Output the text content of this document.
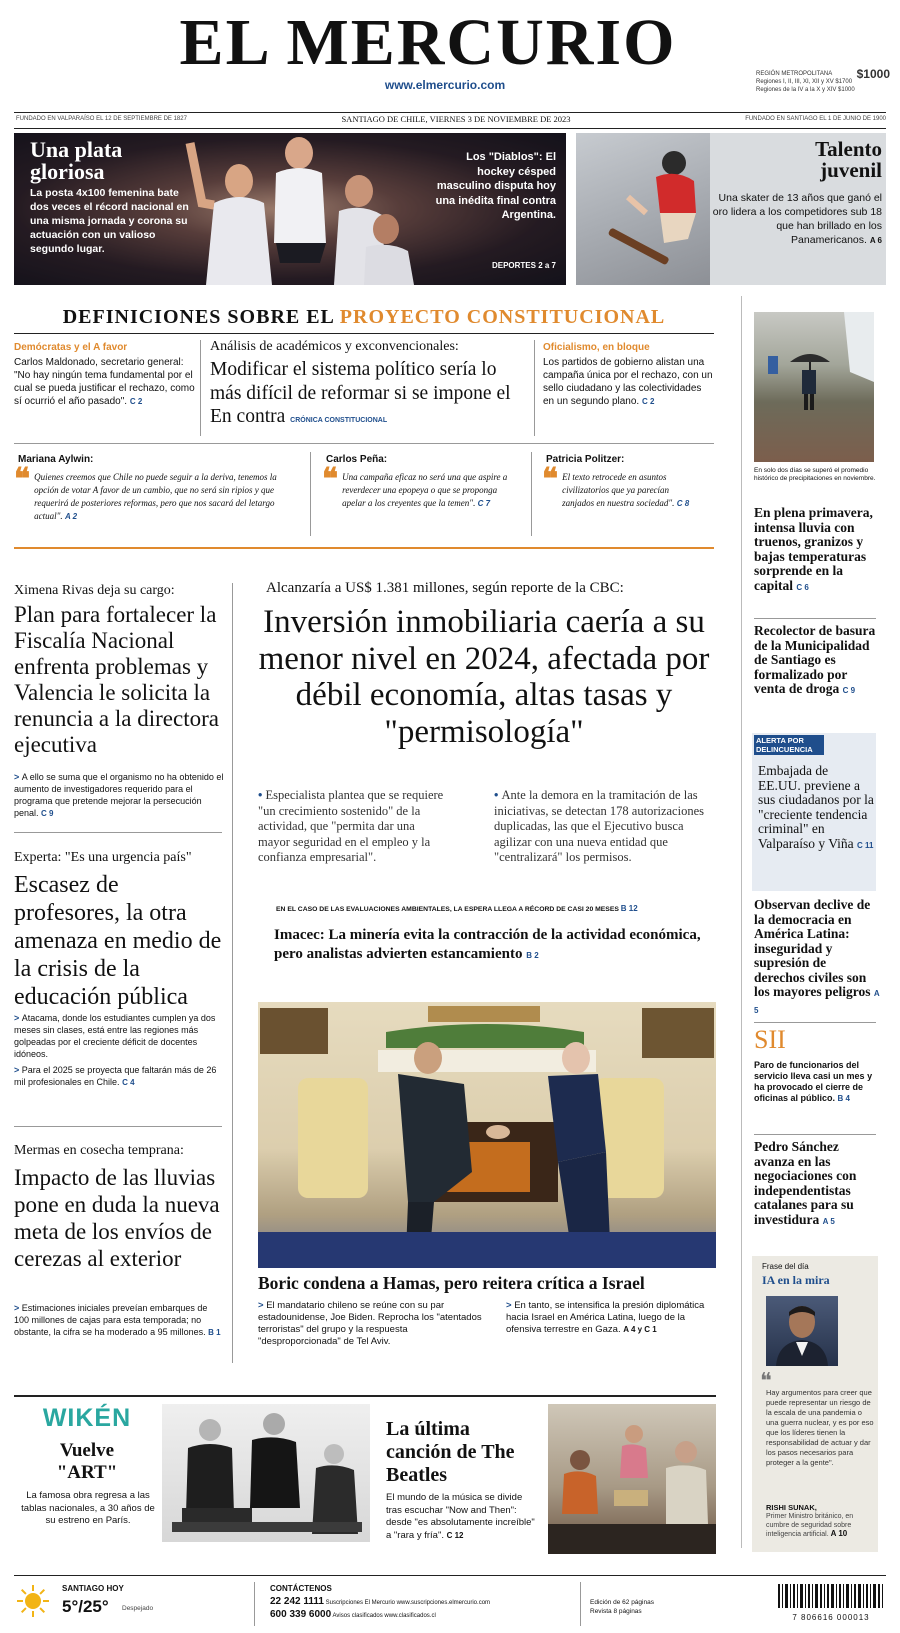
EL MERCURIO
www.elmercurio.com
REGIÓN METROPOLITANA $1000
Regiones I, II, III, XI, XII y XV $1700
Regiones de la IV a la X y XIV $1000
FUNDADO EN VALPARAÍSO EL 12 DE SEPTIEMBRE DE 1827	SANTIAGO DE CHILE, VIERNES 3 DE NOVIEMBRE DE 2023	FUNDADO EN SANTIAGO EL 1 DE JUNIO DE 1900
Una plata
gloriosa
La posta 4x100 femenina bate dos veces el récord nacional en una misma jornada y corona su actuación con un valioso segundo lugar.
Los "Diablos": El hockey césped masculino disputa hoy una inédita final contra Argentina.
DEPORTES 2 a 7
Talento
juvenil
Una skater de 13 años que ganó el oro lidera a los competidores sub 18 que han brillado en los Panamericanos. A 6
DEFINICIONES SOBRE EL PROYECTO CONSTITUCIONAL
Demócratas y el A favor
Carlos Maldonado, secretario general: "No hay ningún tema fundamental por el cual se pueda justificar el rechazo, como sí ocurrió el año pasado". C 2
Análisis de académicos y exconvencionales:
Modificar el sistema político sería lo más difícil de reformar si se impone el En contra CRÓNICA CONSTITUCIONAL
Oficialismo, en bloque
Los partidos de gobierno alistan una campaña única por el rechazo, con un sello ciudadano y las colectividades en un segundo plano. C 2
Mariana Aylwin:
❝ Quienes creemos que Chile no puede seguir a la deriva, tenemos la opción de votar A favor de un cambio, que no será sin ripios y que requerirá de posteriores reformas, pero que nos sacará del letargo actual". A 2
Carlos Peña:
❝ Una campaña eficaz no será una que aspire a reverdecer una epopeya o que se proponga apelar a los creyentes que la temen". C 7
Patricia Politzer:
❝ El texto retrocede en asuntos civilizatorios que ya parecían zanjados en nuestra sociedad". C 8
En solo dos días se superó el promedio histórico de precipitaciones en noviembre.
En plena primavera, intensa lluvia con truenos, granizos y bajas temperaturas sorprende en la capital C 6
Recolector de basura de la Municipalidad de Santiago es formalizado por venta de droga C 9
ALERTA POR DELINCUENCIA
Embajada de EE.UU. previene a sus ciudadanos por la "creciente tendencia criminal" en Valparaíso y Viña C 11
Observan declive de la democracia en América Latina: inseguridad y supresión de derechos civiles son los mayores peligros A 5
SII
Paro de funcionarios del servicio lleva casi un mes y ha provocado el cierre de oficinas al público. B 4
Pedro Sánchez avanza en las negociaciones con independentistas catalanes para su investidura A 5
Frase del día
IA en la mira
❝
Hay argumentos para creer que puede representar un riesgo de la escala de una pandemia o una guerra nuclear, y es por eso que los líderes tienen la responsabilidad de actuar y dar los pasos necesarios para proteger a la gente".
RISHI SUNAK,
Primer Ministro británico, en cumbre de seguridad sobre inteligencia artificial. A 10
Ximena Rivas deja su cargo:
Plan para fortalecer la Fiscalía Nacional enfrenta problemas y Valencia le solicita la renuncia a la directora ejecutiva
> A ello se suma que el organismo no ha obtenido el aumento de investigadores requerido para el programa que pretende mejorar la persecución penal. C 9
Experta: "Es una urgencia país"
Escasez de profesores, la otra amenaza en medio de la crisis de la educación pública
> Atacama, donde los estudiantes cumplen ya dos meses sin clases, está entre las regiones más golpeadas por el creciente déficit de docentes idóneos.
> Para el 2025 se proyecta que faltarán más de 26 mil profesionales en Chile. C 4
Mermas en cosecha temprana:
Impacto de las lluvias pone en duda la nueva meta de los envíos de cerezas al exterior
> Estimaciones iniciales preveían embarques de 100 millones de cajas para esta temporada; no obstante, la cifra se ha moderado a 95 millones. B 1
Alcanzaría a US$ 1.381 millones, según reporte de la CBC:
Inversión inmobiliaria caería a su menor nivel en 2024, afectada por débil economía, altas tasas y "permisología"
• Especialista plantea que se requiere "un crecimiento sostenido" de la actividad, que "permita dar una mayor seguridad en el empleo y la confianza empresarial".
• Ante la demora en la tramitación de las iniciativas, se detectan 178 autorizaciones duplicadas, las que el Ejecutivo busca agilizar con una nueva entidad que "centralizará" los permisos.
EN EL CASO DE LAS EVALUACIONES AMBIENTALES, LA ESPERA LLEGA A RÉCORD DE CASI 20 MESES B 12
Imacec: La minería evita la contracción de la actividad económica, pero analistas advierten estancamiento B 2
Boric condena a Hamas, pero reitera crítica a Israel
> El mandatario chileno se reúne con su par estadounidense, Joe Biden. Reprocha los "atentados terroristas" del grupo y la respuesta "desproporcionada" de Tel Aviv.
> En tanto, se intensifica la presión diplomática hacia Israel en América Latina, luego de la ofensiva terrestre en Gaza. A 4 y C 1
WIKÉN
Vuelve
"ART"
La famosa obra regresa a las tablas nacionales, a 30 años de su estreno en París.
La última canción de The Beatles
El mundo de la música se divide tras escuchar "Now and Then": desde "es absolutamente increíble" a "rara y fría". C 12
SANTIAGO HOY
5°/25° Despejado
CONTÁCTENOS
22 242 1111 Suscripciones El Mercurio www.suscripciones.elmercurio.com
600 339 6000 Avisos clasificados www.clasificados.cl
Edición de 62 páginas
Revista 8 páginas
7 806616 000013
